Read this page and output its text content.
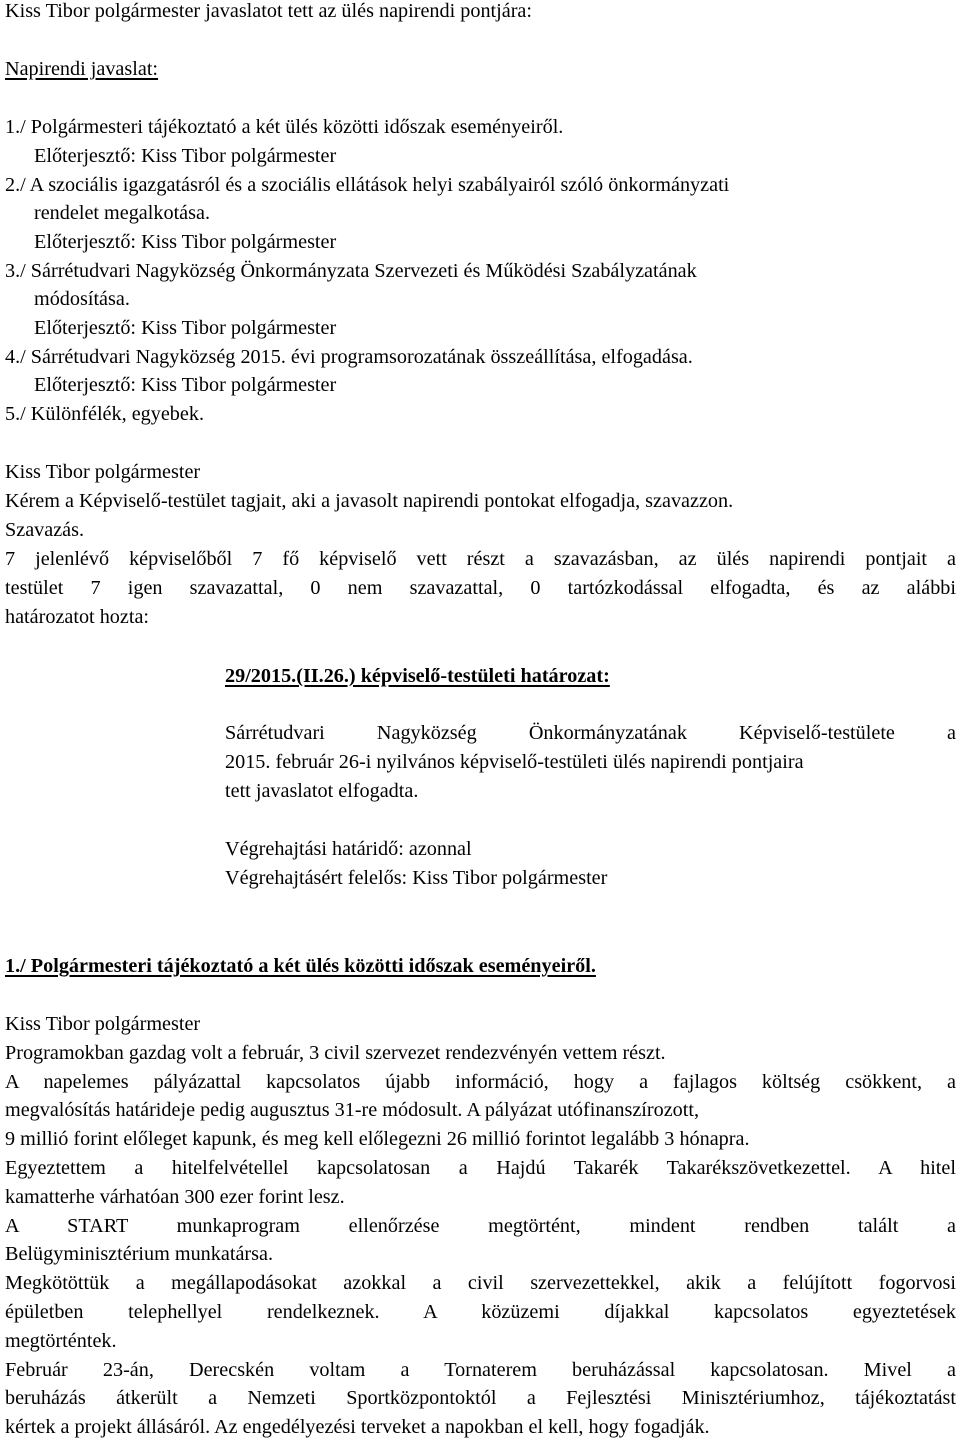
Kiss Tibor polgármester javaslatot tett az ülés napirendi pontjára:
Napirendi javaslat:
1./ Polgármesteri tájékoztató a két ülés közötti időszak eseményeiről.
Előterjesztő: Kiss Tibor polgármester
2./ A szociális igazgatásról és a szociális ellátások helyi szabályairól szóló önkormányzati
rendelet megalkotása.
Előterjesztő: Kiss Tibor polgármester
3./ Sárrétudvari Nagyközség Önkormányzata Szervezeti és Működési Szabályzatának
módosítása.
Előterjesztő: Kiss Tibor polgármester
4./ Sárrétudvari Nagyközség 2015. évi programsorozatának összeállítása, elfogadása.
Előterjesztő: Kiss Tibor polgármester
5./ Különfélék, egyebek.
Kiss Tibor polgármester
Kérem a Képviselő-testület tagjait, aki a javasolt napirendi pontokat elfogadja, szavazzon.
Szavazás.
7 jelenlévő képviselőből 7 fő képviselő vett részt a szavazásban, az ülés napirendi pontjait a
testület 7 igen szavazattal, 0 nem szavazattal, 0 tartózkodással elfogadta, és az alábbi
határozatot hozta:
29/2015.(II.26.) képviselő-testületi határozat:
Sárrétudvari Nagyközség Önkormányzatának Képviselő-testülete a
2015. február 26-i nyilvános képviselő-testületi ülés napirendi pontjaira
tett javaslatot elfogadta.
Végrehajtási határidő: azonnal
Végrehajtásért felelős: Kiss Tibor polgármester
1./ Polgármesteri tájékoztató a két ülés közötti időszak eseményeiről.
Kiss Tibor polgármester
Programokban gazdag volt a február, 3 civil szervezet rendezvényén vettem részt.
A napelemes pályázattal kapcsolatos újabb információ, hogy a fajlagos költség csökkent, a
megvalósítás határideje pedig augusztus 31-re módosult. A pályázat utófinanszírozott,
9 millió forint előleget kapunk, és meg kell előlegezni 26 millió forintot legalább 3 hónapra.
Egyeztettem a hitelfelvétellel kapcsolatosan a Hajdú Takarék Takarékszövetkezettel. A hitel
kamatterhe várhatóan 300 ezer forint lesz.
A START munkaprogram ellenőrzése megtörtént, mindent rendben talált a
Belügyminisztérium munkatársa.
Megkötöttük a megállapodásokat azokkal a civil szervezettekkel, akik a felújított fogorvosi
épületben telephellyel rendelkeznek. A közüzemi díjakkal kapcsolatos egyeztetések
megtörténtek.
Február 23-án, Derecskén voltam a Tornaterem beruházással kapcsolatosan. Mivel a
beruházás átkerült a Nemzeti Sportközpontoktól a Fejlesztési Minisztériumhoz, tájékoztatást
kértek a projekt állásáról. Az engedélyezési terveket a napokban el kell, hogy fogadják.
